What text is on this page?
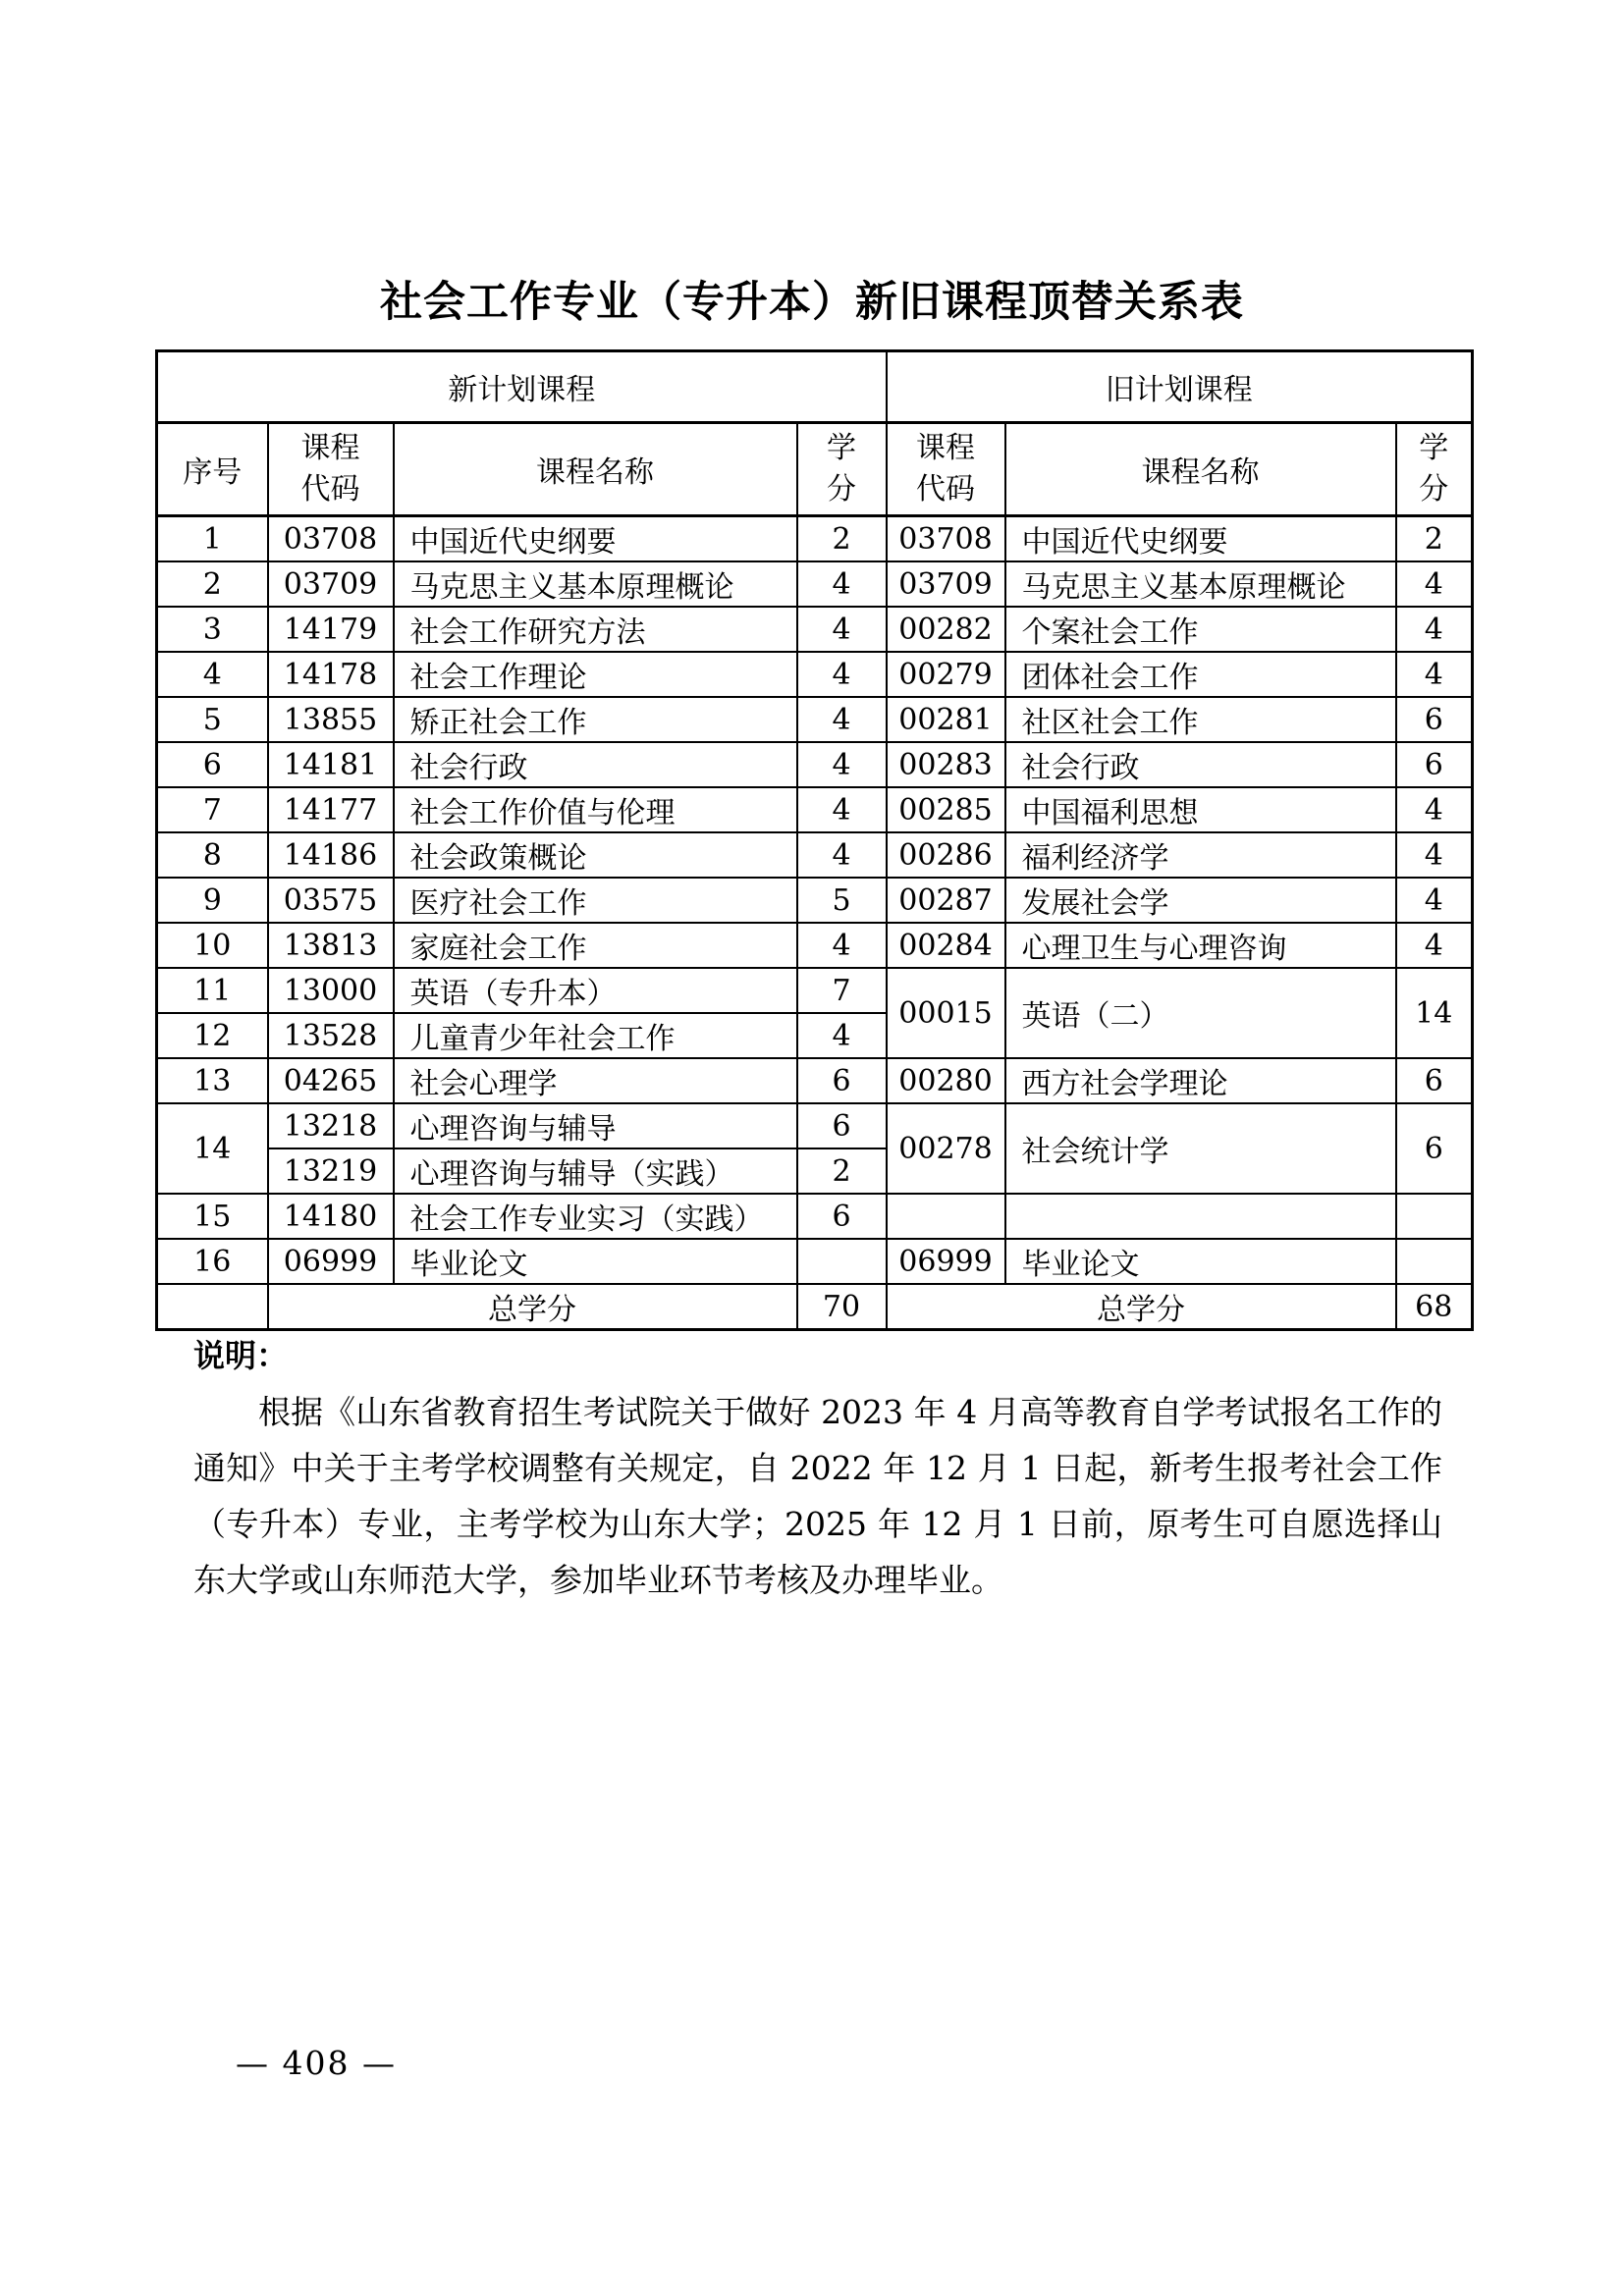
社会工作专业（专升本）新旧课程顶替关系表
新计划课程				旧计划课程		
序号	课程代码	课程名称	学分	课程代码	课程名称	学分
1	03708	中国近代史纲要	2	03708	中国近代史纲要	2
2	03709	马克思主义基本原理概论	4	03709	马克思主义基本原理概论	4
3	14179	社会工作研究方法	4	00282	个案社会工作	4
4	14178	社会工作理论	4	00279	团体社会工作	4
5	13855	矫正社会工作	4	00281	社区社会工作	6
6	14181	社会行政	4	00283	社会行政	6
7	14177	社会工作价值与伦理	4	00285	中国福利思想	4
8	14186	社会政策概论	4	00286	福利经济学	4
9	03575	医疗社会工作	5	00287	发展社会学	4
10	13813	家庭社会工作	4	00284	心理卫生与心理咨询	4
11	13000	英语（专升本）	7	00015	英语（二）	14
12	13528	儿童青少年社会工作	4			
13	04265	社会心理学	6	00280	西方社会学理论	6
14	13218	心理咨询与辅导	6	00278	社会统计学	6
	13219	心理咨询与辅导（实践）	2			
15	14180	社会工作专业实习（实践）	6			
16	06999	毕业论文		06999	毕业论文	
	总学分		70	总学分		68
说明：

根据《山东省教育招生考试院关于做好 2023 年 4 月高等教育自学考试报名工作的通知》中关于主考学校调整有关规定，自 2022 年 12 月 1 日起，新考生报考社会工作（专升本）专业，主考学校为山东大学；2025 年 12 月 1 日前，原考生可自愿选择山东大学或山东师范大学，参加毕业环节考核及办理毕业。

— 408 —
